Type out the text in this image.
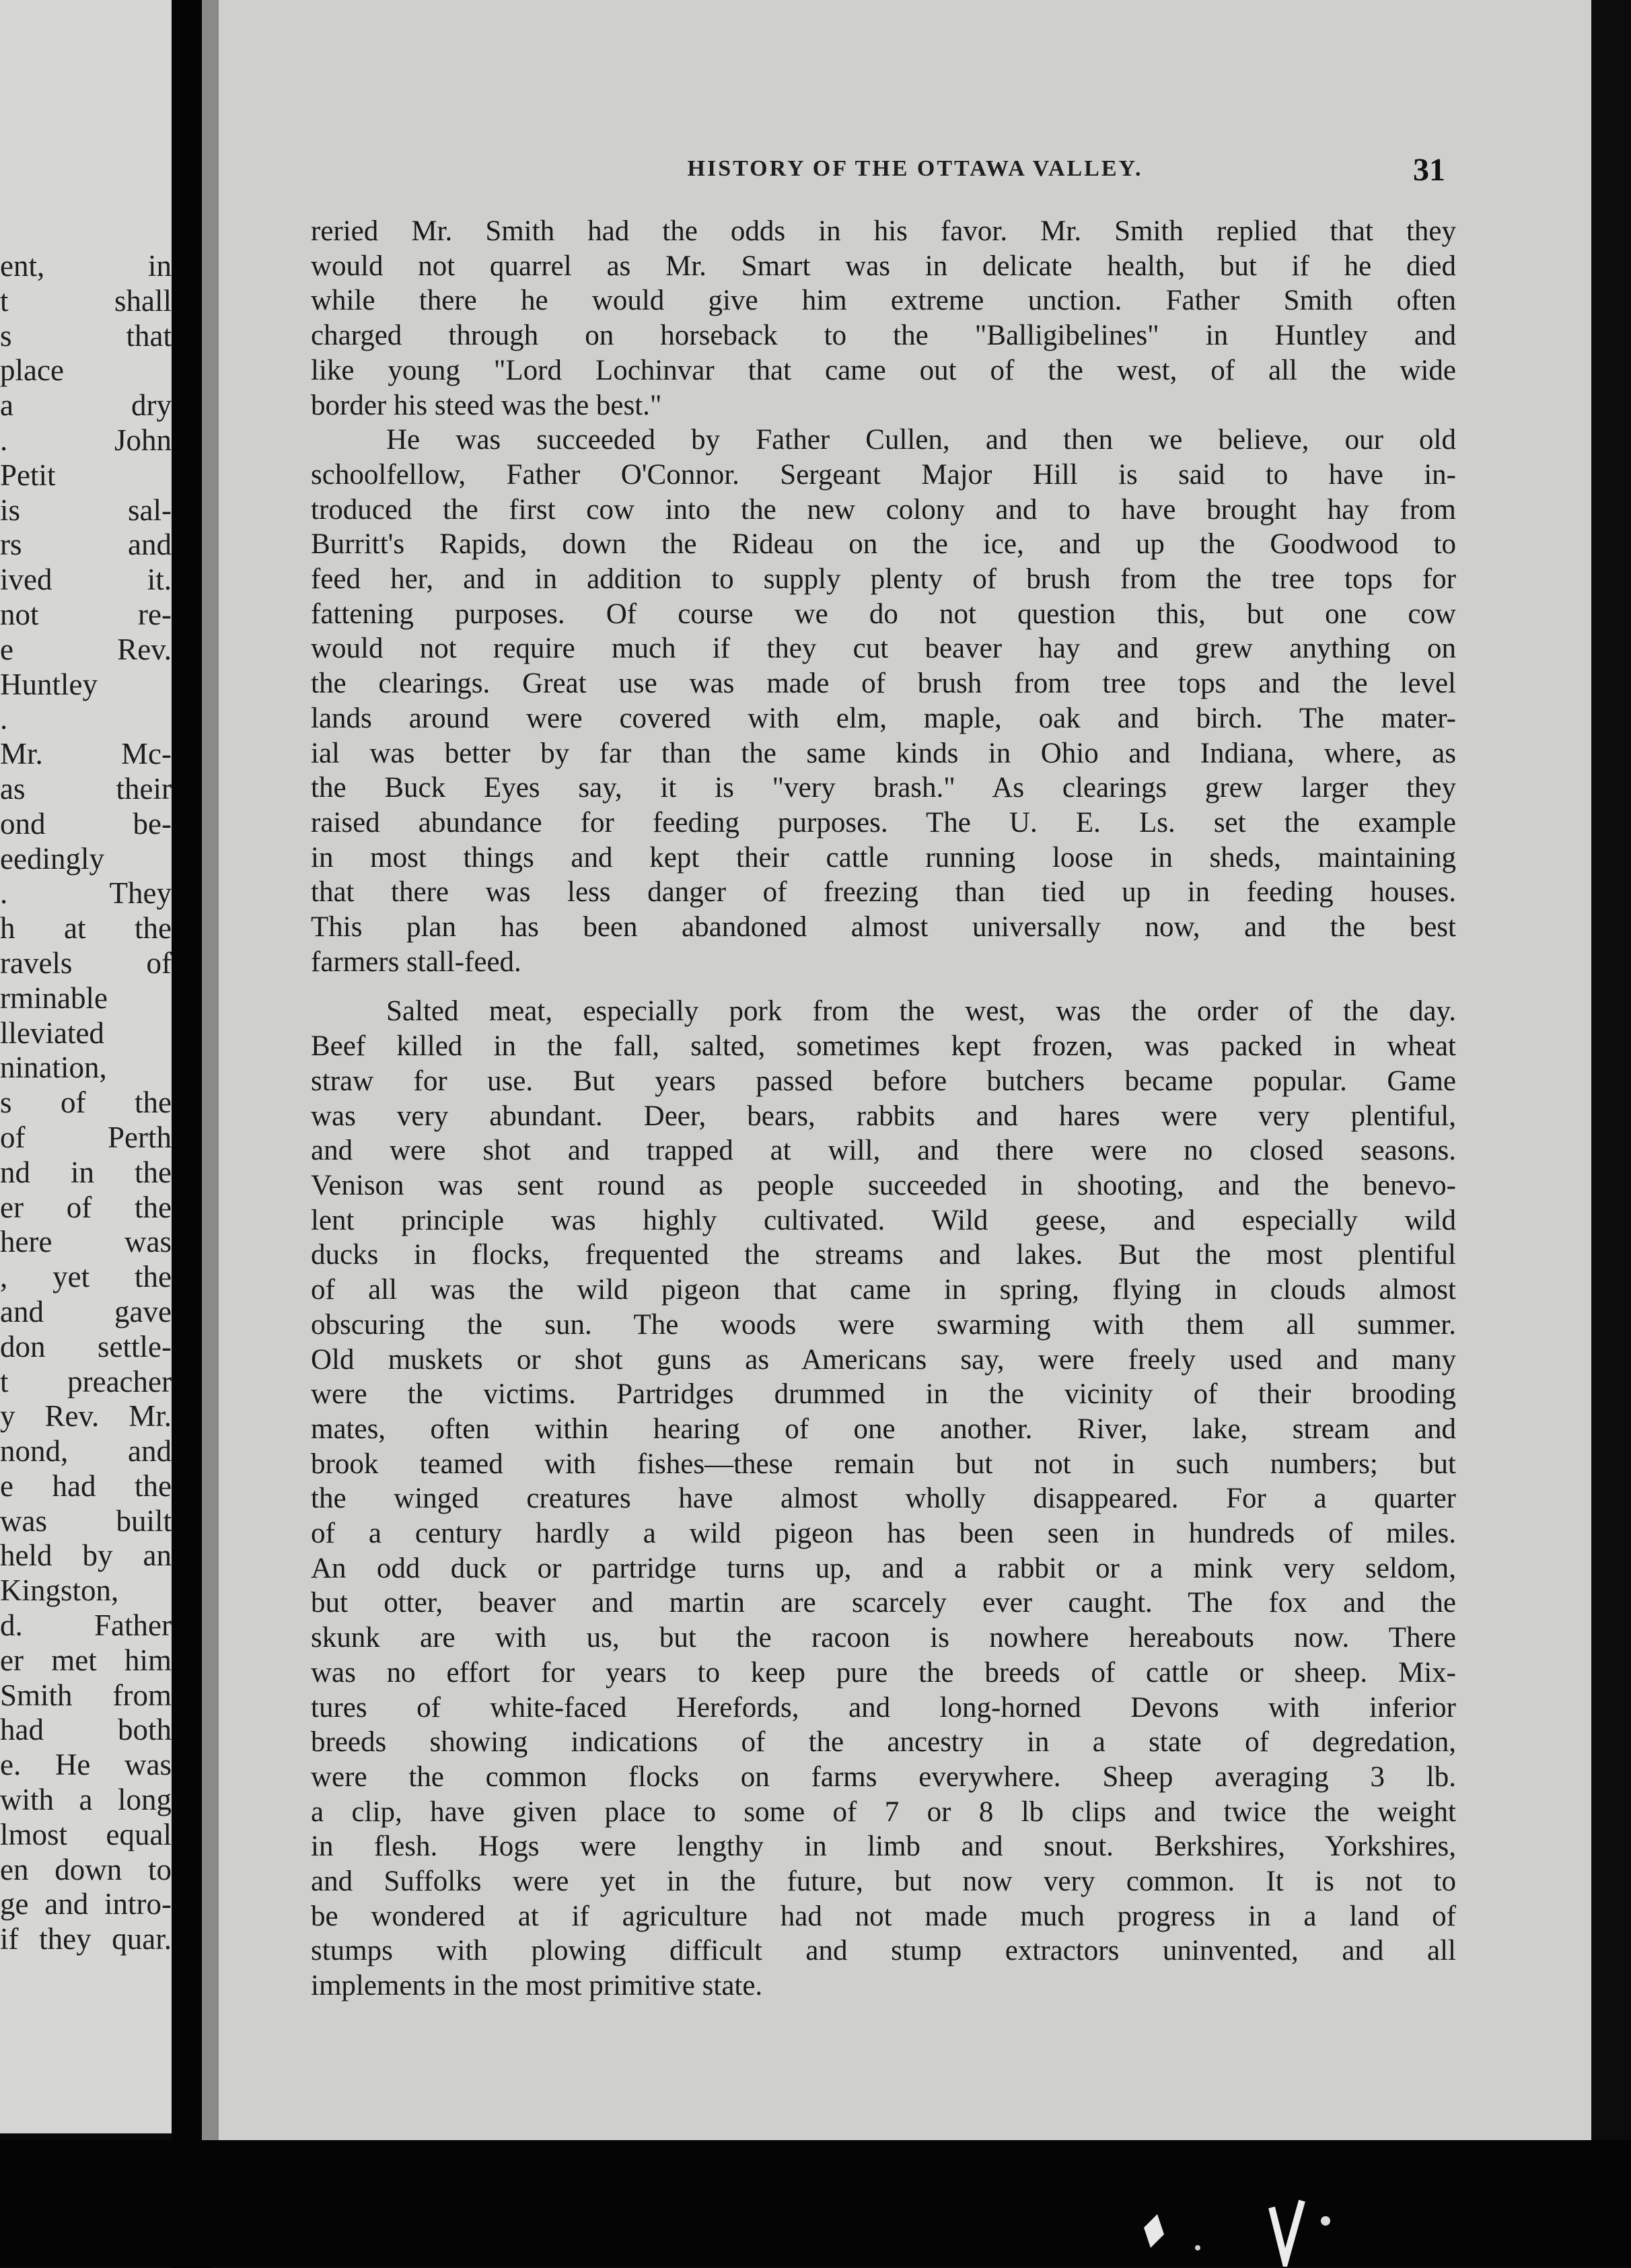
ent, in
t shall
s that
place
a dry
. John
Petit
is sal-
rs and
ived it.
not re-
e Rev.
Huntley
.
Mr. Mc-
as their
ond be-
eedingly
. They
h at the
ravels of
rminable
lleviated
nination,
s of the
of Perth
nd in the
er of the
here was
, yet the
and gave
don settle-
t preacher
y Rev. Mr.
nond, and
e had the
was built
held by an
Kingston,
d. Father
er met him
Smith from
had both
e. He was
with a long
lmost equal
en down to
ge and intro-
if they quar.
HISTORY OF THE OTTAWA VALLEY.	31
reried Mr. Smith had the odds in his favor. Mr. Smith replied that they
would not quarrel as Mr. Smart was in delicate health, but if he died
while there he would give him extreme unction. Father Smith often
charged through on horseback to the "Balligibelines" in Huntley and
like young "Lord Lochinvar that came out of the west, of all the wide
border his steed was the best."
He was succeeded by Father Cullen, and then we believe, our old
schoolfellow, Father O'Connor. Sergeant Major Hill is said to have in-
troduced the first cow into the new colony and to have brought hay from
Burritt's Rapids, down the Rideau on the ice, and up the Goodwood to
feed her, and in addition to supply plenty of brush from the tree tops for
fattening purposes. Of course we do not question this, but one cow
would not require much if they cut beaver hay and grew anything on
the clearings. Great use was made of brush from tree tops and the level
lands around were covered with elm, maple, oak and birch. The mater-
ial was better by far than the same kinds in Ohio and Indiana, where, as
the Buck Eyes say, it is "very brash." As clearings grew larger they
raised abundance for feeding purposes. The U. E. Ls. set the example
in most things and kept their cattle running loose in sheds, maintaining
that there was less danger of freezing than tied up in feeding houses.
This plan has been abandoned almost universally now, and the best
farmers stall-feed.
Salted meat, especially pork from the west, was the order of the day.
Beef killed in the fall, salted, sometimes kept frozen, was packed in wheat
straw for use. But years passed before butchers became popular. Game
was very abundant. Deer, bears, rabbits and hares were very plentiful,
and were shot and trapped at will, and there were no closed seasons.
Venison was sent round as people succeeded in shooting, and the benevo-
lent principle was highly cultivated. Wild geese, and especially wild
ducks in flocks, frequented the streams and lakes. But the most plentiful
of all was the wild pigeon that came in spring, flying in clouds almost
obscuring the sun. The woods were swarming with them all summer.
Old muskets or shot guns as Americans say, were freely used and many
were the victims. Partridges drummed in the vicinity of their brooding
mates, often within hearing of one another. River, lake, stream and
brook teamed with fishes—these remain but not in such numbers; but
the winged creatures have almost wholly disappeared. For a quarter
of a century hardly a wild pigeon has been seen in hundreds of miles.
An odd duck or partridge turns up, and a rabbit or a mink very seldom,
but otter, beaver and martin are scarcely ever caught. The fox and the
skunk are with us, but the racoon is nowhere hereabouts now. There
was no effort for years to keep pure the breeds of cattle or sheep. Mix-
tures of white-faced Herefords, and long-horned Devons with inferior
breeds showing indications of the ancestry in a state of degredation,
were the common flocks on farms everywhere. Sheep averaging 3 lb.
a clip, have given place to some of 7 or 8 lb clips and twice the weight
in flesh. Hogs were lengthy in limb and snout. Berkshires, Yorkshires,
and Suffolks were yet in the future, but now very common. It is not to
be wondered at if agriculture had not made much progress in a land of
stumps with plowing difficult and stump extractors uninvented, and all
implements in the most primitive state.
